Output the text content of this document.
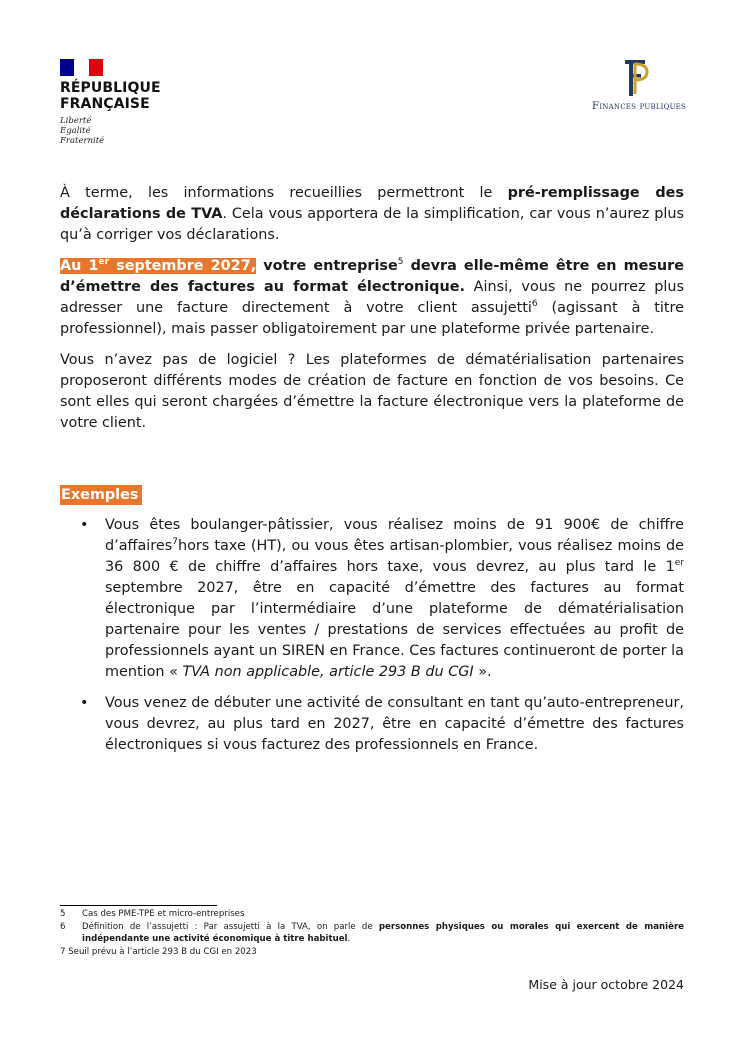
RÉPUBLIQUE
FRANÇAISE
Liberté
Égalité
Fraternité
Finances publiques

À terme, les informations recueillies permettront le pré-remplissage des déclarations de TVA. Cela vous apportera de la simplification, car vous n’aurez plus qu’à corriger vos déclarations.

Au 1er septembre 2027, votre entreprise$^5$ devra elle-même être en mesure d’émettre des factures au format électronique. Ainsi, vous ne pourrez plus adresser une facture directement à votre client assujetti$^6$ (agissant à titre professionnel), mais passer obligatoirement par une plateforme privée partenaire.

Vous n’avez pas de logiciel ? Les plateformes de dématérialisation partenaires proposeront différents modes de création de facture en fonction de vos besoins. Ce sont elles qui seront chargées d’émettre la facture électronique vers la plateforme de votre client.

Exemples
• Vous êtes boulanger-pâtissier, vous réalisez moins de 91 900€ de chiffre d’affaires$^7$hors taxe (HT), ou vous êtes artisan-plombier, vous réalisez moins de 36 800 € de chiffre d’affaires hors taxe, vous devrez, au plus tard le 1er septembre 2027, être en capacité d’émettre des factures au format électronique par l’intermédiaire d’une plateforme de dématérialisation partenaire pour les ventes / prestations de services effectuées au profit de professionnels ayant un SIREN en France. Ces factures continueront de porter la mention « TVA non applicable, article 293 B du CGI ».
• Vous venez de débuter une activité de consultant en tant qu’auto-entrepreneur, vous devrez, au plus tard en 2027, être en capacité d’émettre des factures électroniques si vous facturez des professionnels en France.
5	Cas des PME-TPE et micro-entreprises
6	Définition de l’assujetti : Par assujetti à la TVA, on parle de personnes physiques ou morales qui exercent de manière indépendante une activité économique à titre habituel.
7 Seuil prévu à l’article 293 B du CGI en 2023
Mise à jour octobre 2024
